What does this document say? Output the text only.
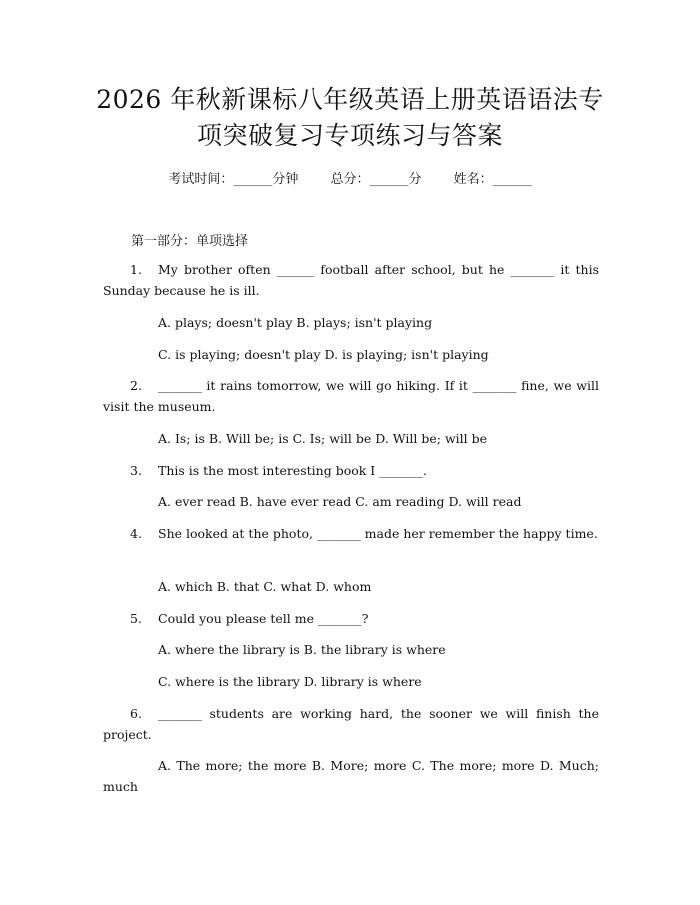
2026 年秋新课标八年级英语上册英语语法专
项突破复习专项练习与答案
考试时间：______分钟 总分：______分 姓名：______
第一部分：单项选择
1. My brother often ______ football after school, but he _______ it this Sunday because he is ill.
A. plays; doesn't play B. plays; isn't playing
C. is playing; doesn't play D. is playing; isn't playing
2. _______ it rains tomorrow, we will go hiking. If it _______ fine, we will visit the museum.
A. Is; is B. Will be; is C. Is; will be D. Will be; will be
3. This is the most interesting book I _______.
A. ever read B. have ever read C. am reading D. will read
4. She looked at the photo, _______ made her remember the happy time.
A. which B. that C. what D. whom
5. Could you please tell me _______?
A. where the library is B. the library is where
C. where is the library D. library is where
6. _______ students are working hard, the sooner we will finish the project.
A. The more; the more B. More; more C. The more; more D. Much; much
